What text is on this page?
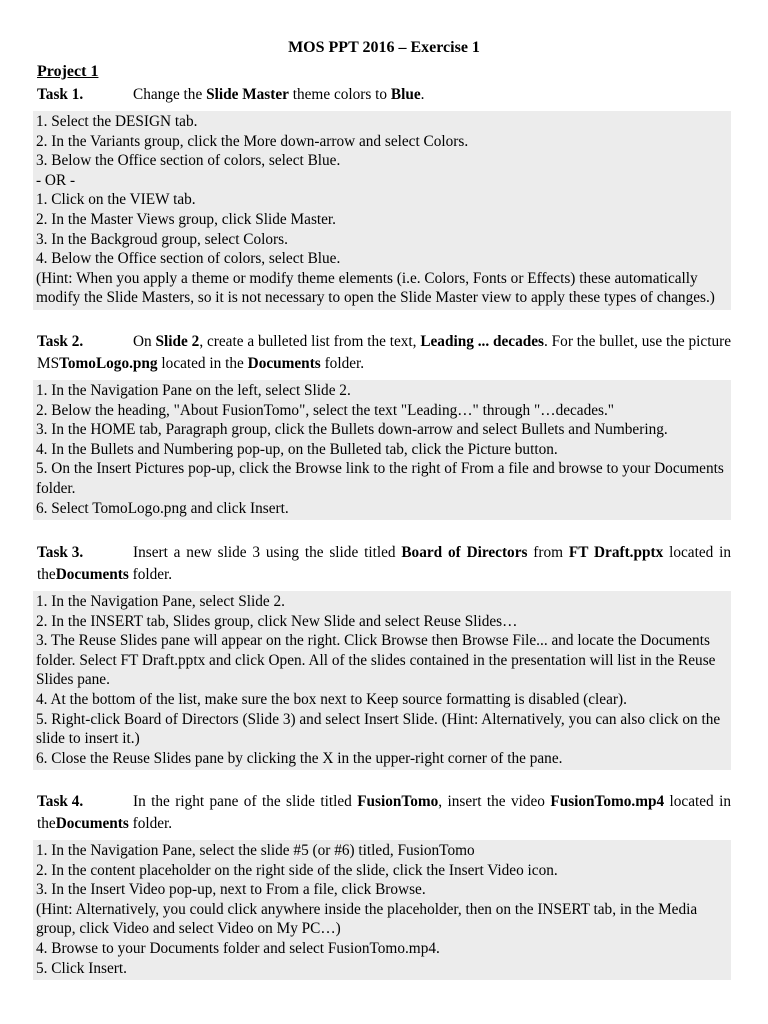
MOS PPT 2016 – Exercise 1
Project 1
Task 1.	Change the Slide Master theme colors to Blue.
1. Select the DESIGN tab.
2. In the Variants group, click the More down-arrow and select Colors.
3. Below the Office section of colors, select Blue.
- OR -
1. Click on the VIEW tab.
2. In the Master Views group, click Slide Master.
3. In the Backgroud group, select Colors.
4. Below the Office section of colors, select Blue.
(Hint: When you apply a theme or modify theme elements (i.e. Colors, Fonts or Effects) these automatically modify the Slide Masters, so it is not necessary to open the Slide Master view to apply these types of changes.)
Task 2.	On Slide 2, create a bulleted list from the text, Leading ... decades. For the bullet, use the picture MSTomoLogo.png located in the Documents folder.
1. In the Navigation Pane on the left, select Slide 2.
2. Below the heading, "About FusionTomo", select the text "Leading…" through "…decades."
3. In the HOME tab, Paragraph group, click the Bullets down-arrow and select Bullets and Numbering.
4. In the Bullets and Numbering pop-up, on the Bulleted tab, click the Picture button.
5. On the Insert Pictures pop-up, click the Browse link to the right of From a file and browse to your Documents folder.
6. Select TomoLogo.png and click Insert.
Task 3.	Insert a new slide 3 using the slide titled Board of Directors from FT Draft.pptx located in theDocuments folder.
1. In the Navigation Pane, select Slide 2.
2. In the INSERT tab, Slides group, click New Slide and select Reuse Slides…
3. The Reuse Slides pane will appear on the right. Click Browse then Browse File... and locate the Documents folder. Select FT Draft.pptx and click Open. All of the slides contained in the presentation will list in the Reuse Slides pane.
4. At the bottom of the list, make sure the box next to Keep source formatting is disabled (clear).
5. Right-click Board of Directors (Slide 3) and select Insert Slide. (Hint: Alternatively, you can also click on the slide to insert it.)
6. Close the Reuse Slides pane by clicking the X in the upper-right corner of the pane.
Task 4.	In the right pane of the slide titled FusionTomo, insert the video FusionTomo.mp4 located in theDocuments folder.
1. In the Navigation Pane, select the slide #5 (or #6) titled, FusionTomo
2. In the content placeholder on the right side of the slide, click the Insert Video icon.
3. In the Insert Video pop-up, next to From a file, click Browse.
(Hint: Alternatively, you could click anywhere inside the placeholder, then on the INSERT tab, in the Media group, click Video and select Video on My PC…)
4. Browse to your Documents folder and select FusionTomo.mp4.
5. Click Insert.
